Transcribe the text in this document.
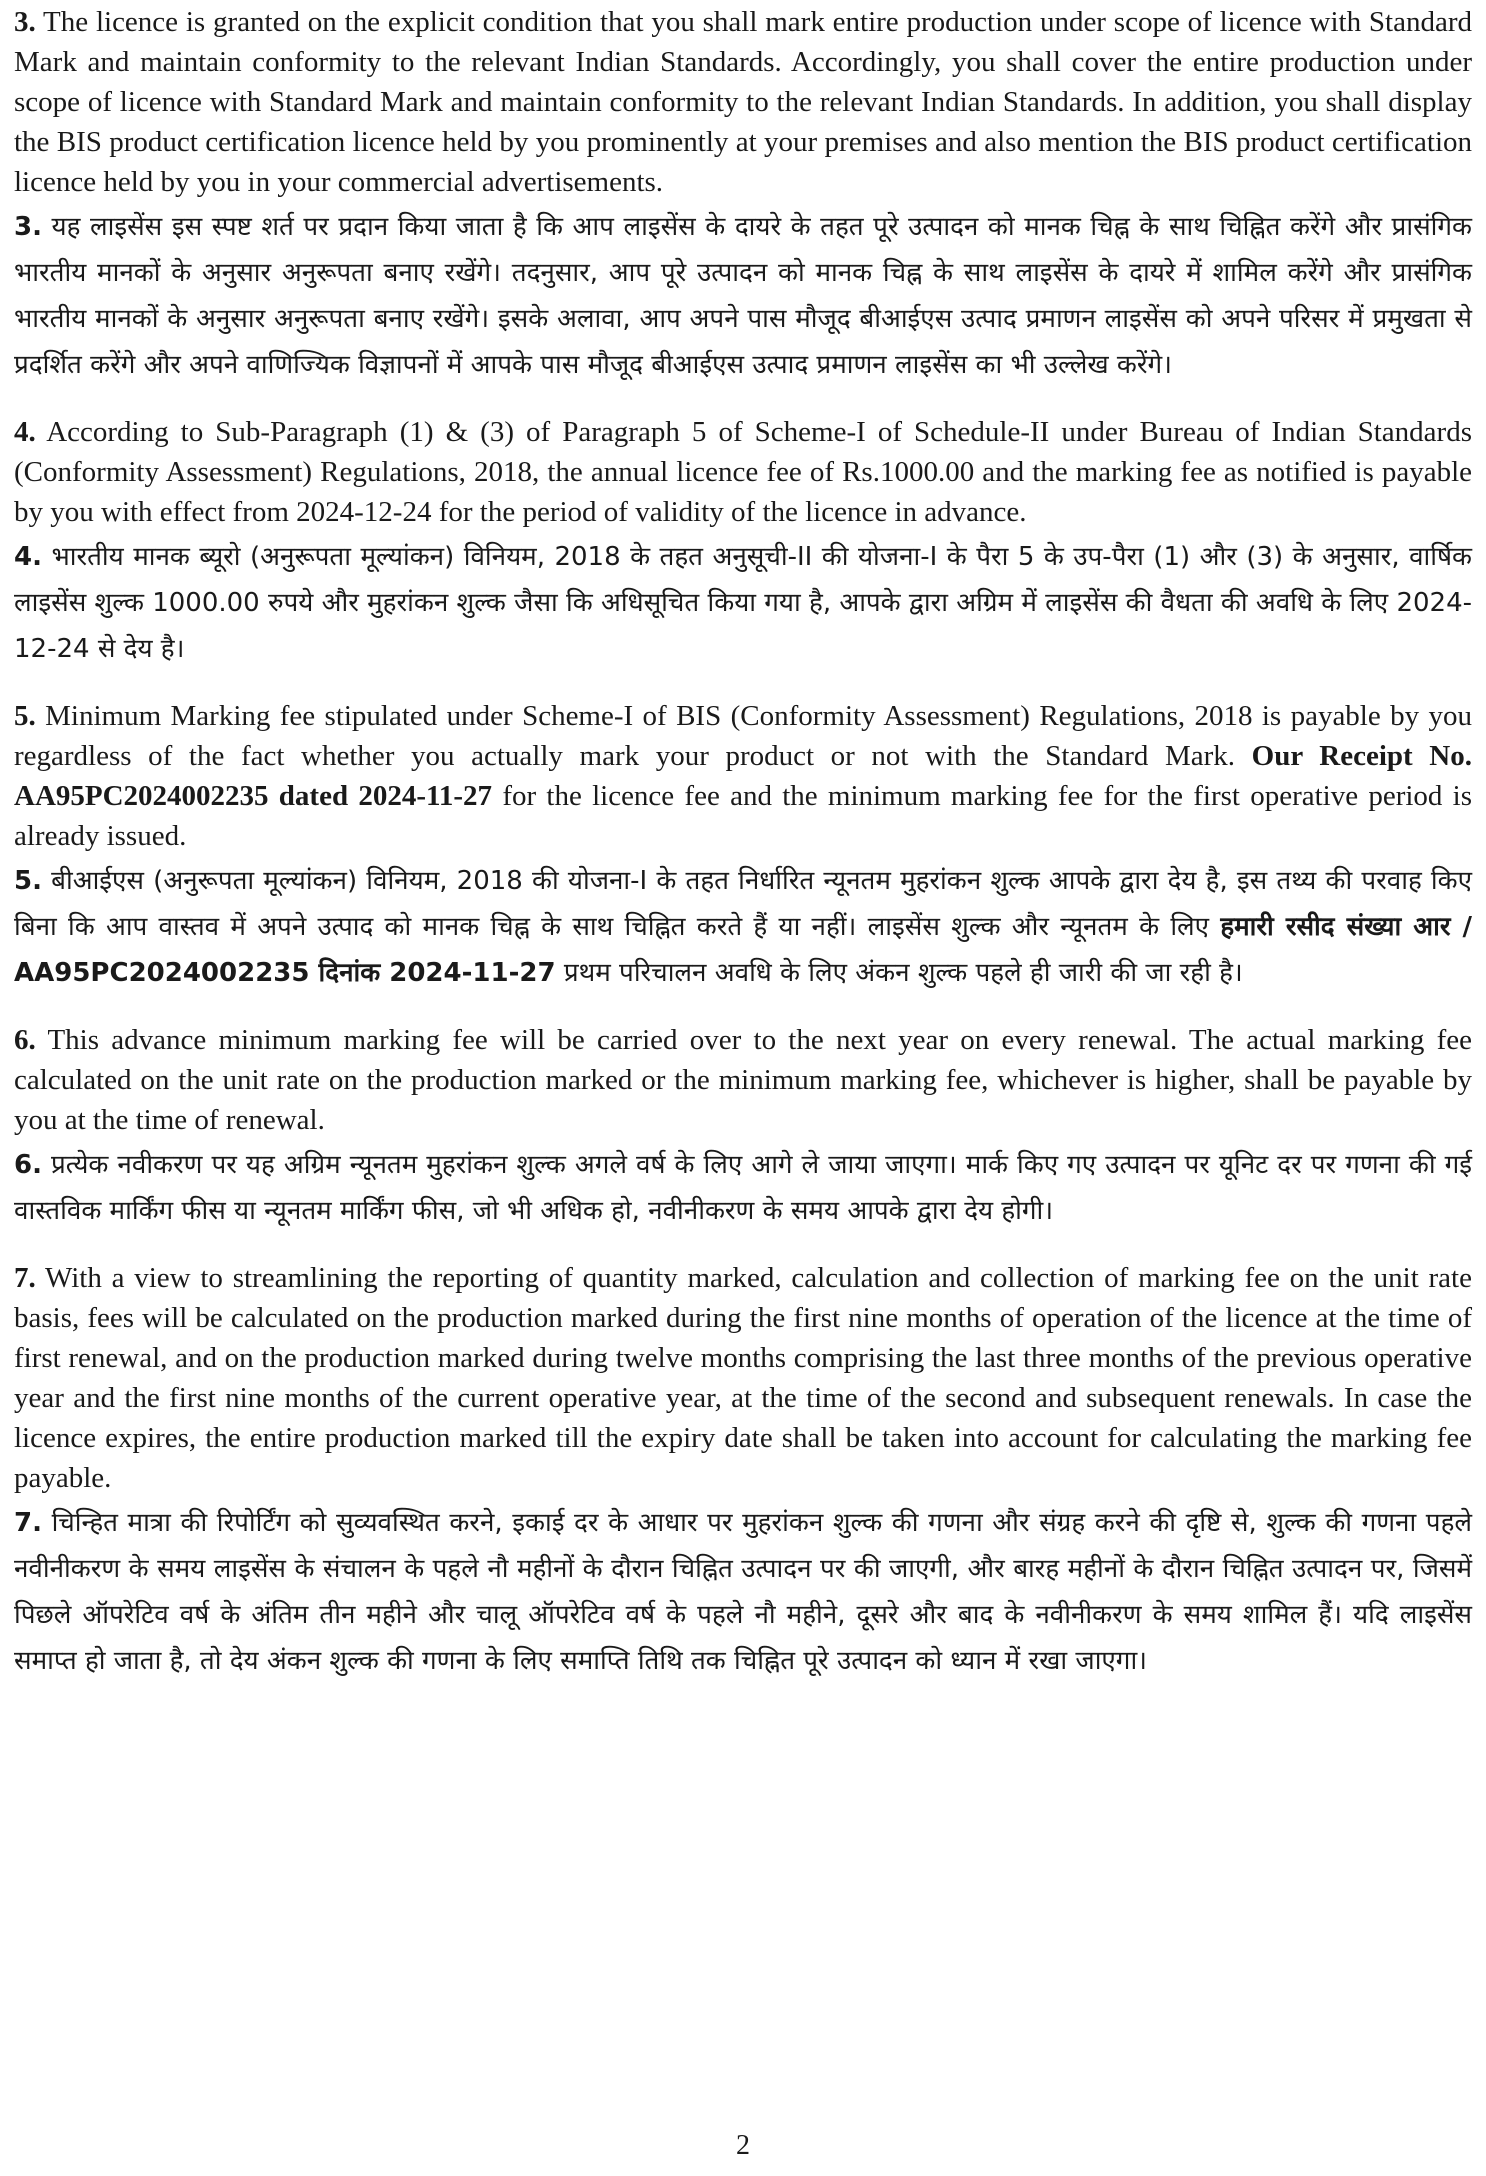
3. The licence is granted on the explicit condition that you shall mark entire production under scope of licence with Standard Mark and maintain conformity to the relevant Indian Standards. Accordingly, you shall cover the entire production under scope of licence with Standard Mark and maintain conformity to the relevant Indian Standards. In addition, you shall display the BIS product certification licence held by you prominently at your premises and also mention the BIS product certification licence held by you in your commercial advertisements.

3. यह लाइसेंस इस स्पष्ट शर्त पर प्रदान किया जाता है कि आप लाइसेंस के दायरे के तहत पूरे उत्पादन को मानक चिह्न के साथ चिह्नित करेंगे और प्रासंगिक भारतीय मानकों के अनुसार अनुरूपता बनाए रखेंगे। तदनुसार, आप पूरे उत्पादन को मानक चिह्न के साथ लाइसेंस के दायरे में शामिल करेंगे और प्रासंगिक भारतीय मानकों के अनुसार अनुरूपता बनाए रखेंगे। इसके अलावा, आप अपने पास मौजूद बीआईएस उत्पाद प्रमाणन लाइसेंस को अपने परिसर में प्रमुखता से प्रदर्शित करेंगे और अपने वाणिज्यिक विज्ञापनों में आपके पास मौजूद बीआईएस उत्पाद प्रमाणन लाइसेंस का भी उल्लेख करेंगे।

4. According to Sub-Paragraph (1) & (3) of Paragraph 5 of Scheme-I of Schedule-II under Bureau of Indian Standards (Conformity Assessment) Regulations, 2018, the annual licence fee of Rs.1000.00 and the marking fee as notified is payable by you with effect from 2024-12-24 for the period of validity of the licence in advance.

4. भारतीय मानक ब्यूरो (अनुरूपता मूल्यांकन) विनियम, 2018 के तहत अनुसूची-II की योजना-I के पैरा 5 के उप-पैरा (1) और (3) के अनुसार, वार्षिक लाइसेंस शुल्क 1000.00 रुपये और मुहरांकन शुल्क जैसा कि अधिसूचित किया गया है, आपके द्वारा अग्रिम में लाइसेंस की वैधता की अवधि के लिए 2024-12-24 से देय है।

5. Minimum Marking fee stipulated under Scheme-I of BIS (Conformity Assessment) Regulations, 2018 is payable by you regardless of the fact whether you actually mark your product or not with the Standard Mark. Our Receipt No. AA95PC2024002235 dated 2024-11-27 for the licence fee and the minimum marking fee for the first operative period is already issued.

5. बीआईएस (अनुरूपता मूल्यांकन) विनियम, 2018 की योजना-I के तहत निर्धारित न्यूनतम मुहरांकन शुल्क आपके द्वारा देय है, इस तथ्य की परवाह किए बिना कि आप वास्तव में अपने उत्पाद को मानक चिह्न के साथ चिह्नित करते हैं या नहीं। लाइसेंस शुल्क और न्यूनतम के लिए हमारी रसीद संख्या आर / AA95PC2024002235 दिनांक 2024-11-27 प्रथम परिचालन अवधि के लिए अंकन शुल्क पहले ही जारी की जा रही है।

6. This advance minimum marking fee will be carried over to the next year on every renewal. The actual marking fee calculated on the unit rate on the production marked or the minimum marking fee, whichever is higher, shall be payable by you at the time of renewal.

6. प्रत्येक नवीकरण पर यह अग्रिम न्यूनतम मुहरांकन शुल्क अगले वर्ष के लिए आगे ले जाया जाएगा। मार्क किए गए उत्पादन पर यूनिट दर पर गणना की गई वास्तविक मार्किंग फीस या न्यूनतम मार्किंग फीस, जो भी अधिक हो, नवीनीकरण के समय आपके द्वारा देय होगी।

7. With a view to streamlining the reporting of quantity marked, calculation and collection of marking fee on the unit rate basis, fees will be calculated on the production marked during the first nine months of operation of the licence at the time of first renewal, and on the production marked during twelve months comprising the last three months of the previous operative year and the first nine months of the current operative year, at the time of the second and subsequent renewals. In case the licence expires, the entire production marked till the expiry date shall be taken into account for calculating the marking fee payable.

7. चिन्हित मात्रा की रिपोर्टिंग को सुव्यवस्थित करने, इकाई दर के आधार पर मुहरांकन शुल्क की गणना और संग्रह करने की दृष्टि से, शुल्क की गणना पहले नवीनीकरण के समय लाइसेंस के संचालन के पहले नौ महीनों के दौरान चिह्नित उत्पादन पर की जाएगी, और बारह महीनों के दौरान चिह्नित उत्पादन पर, जिसमें पिछले ऑपरेटिव वर्ष के अंतिम तीन महीने और चालू ऑपरेटिव वर्ष के पहले नौ महीने, दूसरे और बाद के नवीनीकरण के समय शामिल हैं। यदि लाइसेंस समाप्त हो जाता है, तो देय अंकन शुल्क की गणना के लिए समाप्ति तिथि तक चिह्नित पूरे उत्पादन को ध्यान में रखा जाएगा।

2
